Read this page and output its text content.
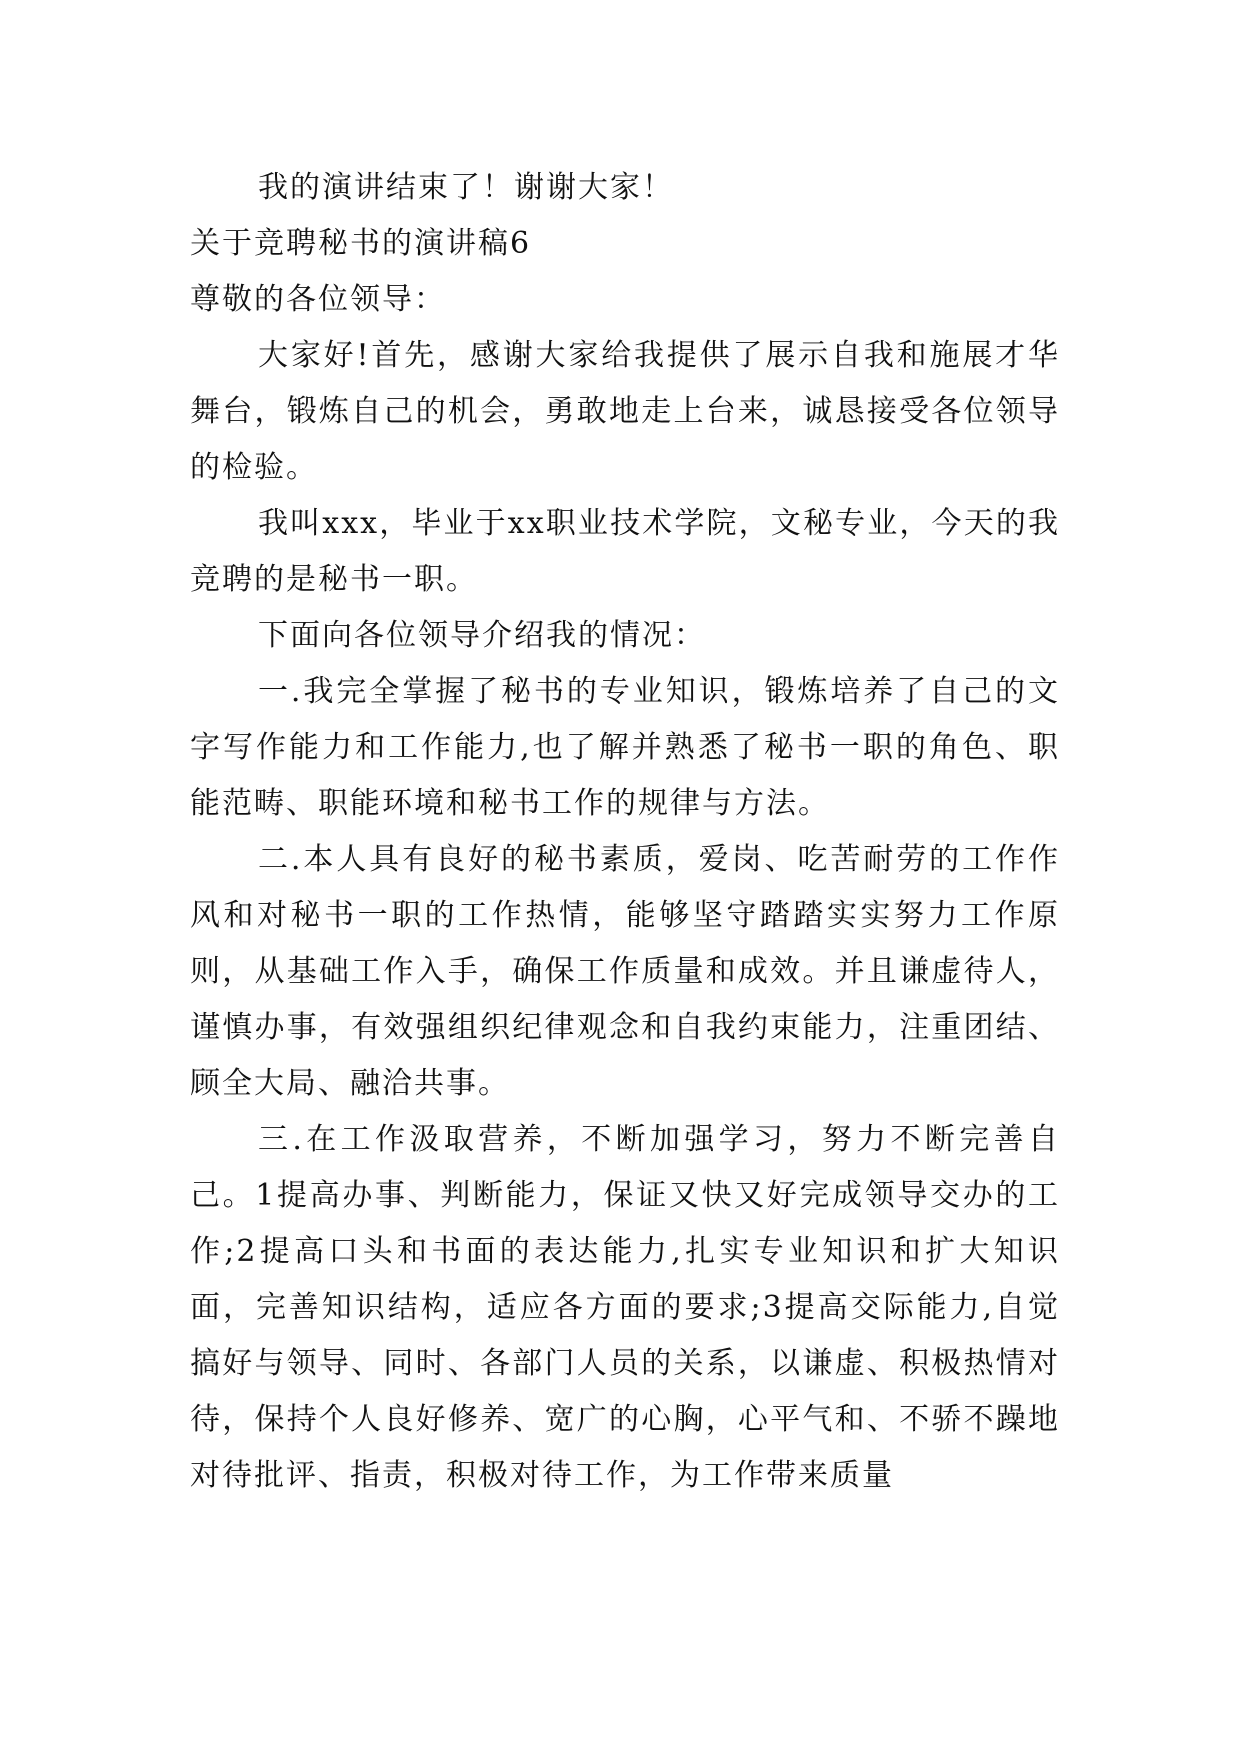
我的演讲结束了！谢谢大家！

关于竞聘秘书的演讲稿6

尊敬的各位领导：

大家好!首先，感谢大家给我提供了展示自我和施展才华舞台，锻炼自己的机会，勇敢地走上台来，诚恳接受各位领导的检验。

我叫xxx，毕业于xx职业技术学院，文秘专业，今天的我竞聘的是秘书一职。

下面向各位领导介绍我的情况：

一.我完全掌握了秘书的专业知识，锻炼培养了自己的文字写作能力和工作能力,也了解并熟悉了秘书一职的角色、职能范畴、职能环境和秘书工作的规律与方法。

二.本人具有良好的秘书素质，爱岗、吃苦耐劳的工作作风和对秘书一职的工作热情，能够坚守踏踏实实努力工作原则，从基础工作入手，确保工作质量和成效。并且谦虚待人，谨慎办事，有效强组织纪律观念和自我约束能力，注重团结、顾全大局、融洽共事。

三.在工作汲取营养，不断加强学习，努力不断完善自己。1提高办事、判断能力，保证又快又好完成领导交办的工作;2提高口头和书面的表达能力,扎实专业知识和扩大知识面，完善知识结构，适应各方面的要求;3提高交际能力,自觉搞好与领导、同时、各部门人员的关系，以谦虚、积极热情对待，保持个人良好修养、宽广的心胸，心平气和、不骄不躁地对待批评、指责，积极对待工作，为工作带来质量
